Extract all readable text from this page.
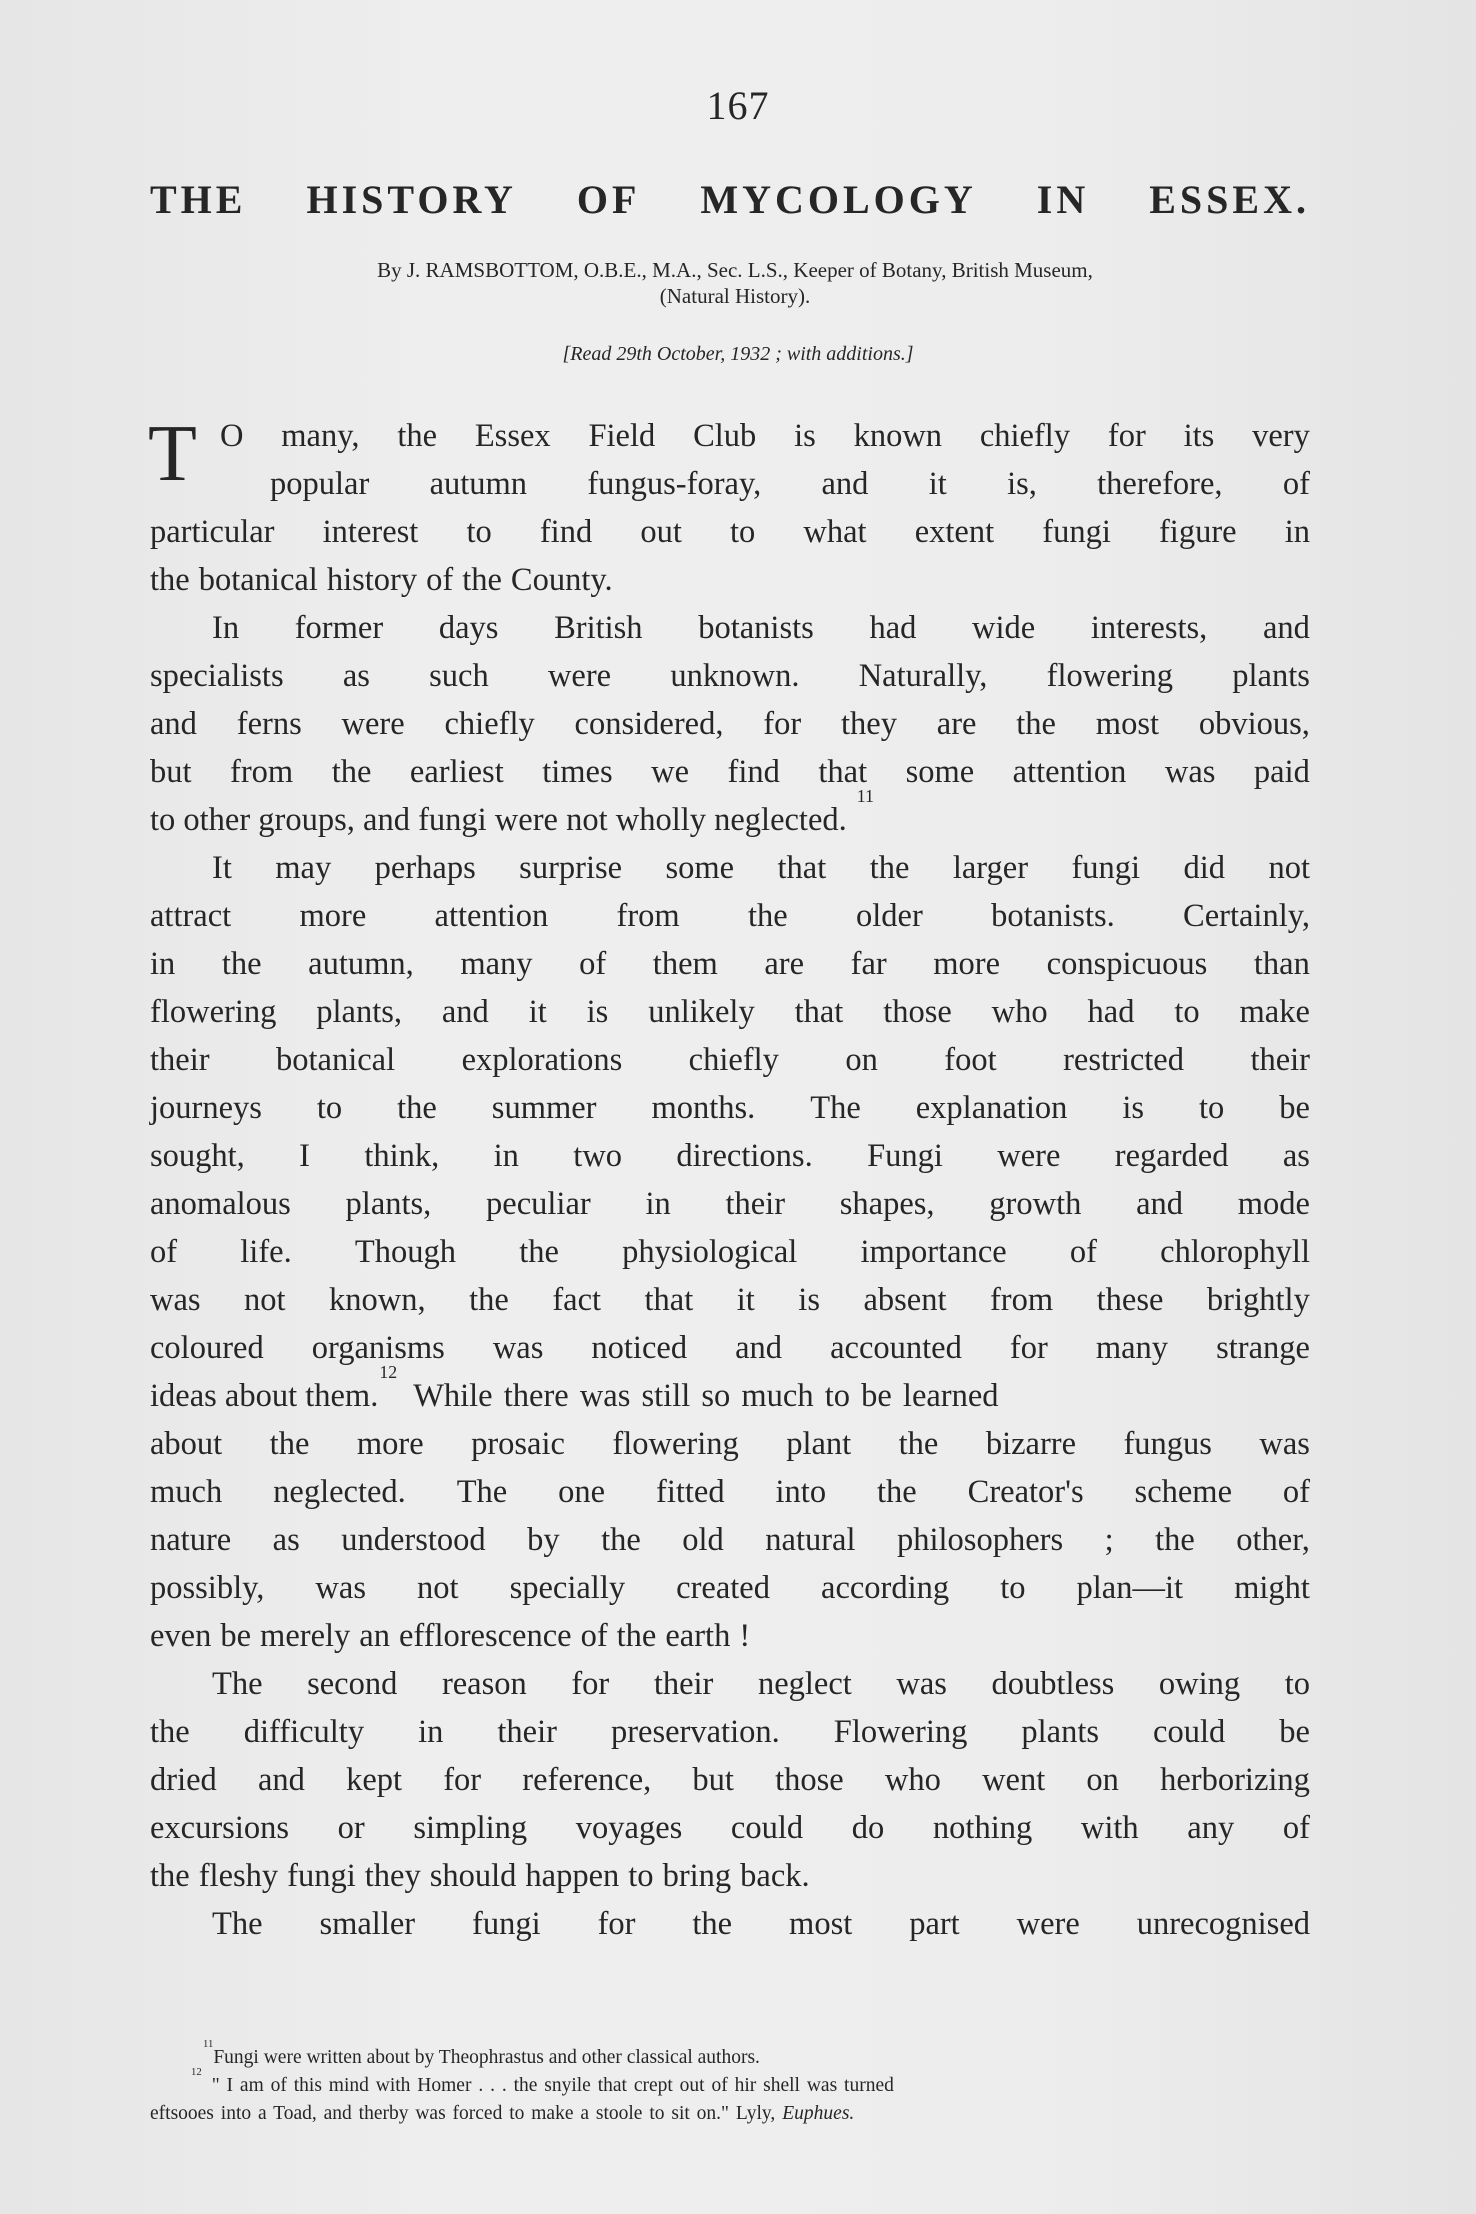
167
THE HISTORY OF MYCOLOGY IN ESSEX.
By J. RAMSBOTTOM, O.B.E., M.A., Sec. L.S., Keeper of Botany, British Museum,
(Natural History).
[Read 29th October, 1932 ; with additions.]
T O many, the Essex Field Club is known chiefly for its very
popular autumn fungus-foray, and it is, therefore, of
particular interest to find out to what extent fungi figure in
the botanical history of the County.
In former days British botanists had wide interests, and
specialists as such were unknown. Naturally, flowering plants
and ferns were chiefly considered, for they are the most obvious,
but from the earliest times we find that some attention was paid
to other groups, and fungi were not wholly neglected.
11
It may perhaps surprise some that the larger fungi did not
attract more attention from the older botanists. Certainly,
in the autumn, many of them are far more conspicuous than
flowering plants, and it is unlikely that those who had to make
their botanical explorations chiefly on foot restricted their
journeys to the summer months. The explanation is to be
sought, I think, in two directions. Fungi were regarded as
anomalous plants, peculiar in their shapes, growth and mode
of life. Though the physiological importance of chlorophyll
was not known, the fact that it is absent from these brightly
coloured organisms was noticed and accounted for many strange
ideas about them.
12
While there was still so much to be learned
about the more prosaic flowering plant the bizarre fungus was
much neglected. The one fitted into the Creator's scheme of
nature as understood by the old natural philosophers ; the other,
possibly, was not specially created according to plan—it might
even be merely an efflorescence of the earth !
The second reason for their neglect was doubtless owing to
the difficulty in their preservation. Flowering plants could be
dried and kept for reference, but those who went on herborizing
excursions or simpling voyages could do nothing with any of
the fleshy fungi they should happen to bring back.
The smaller fungi for the most part were unrecognised
11
Fungi were written about by Theophrastus and other classical authors.
12
" I am of this mind with Homer . . . the snyile that crept out of hir shell was turned
eftsooes into a Toad, and therby was forced to make a stoole to sit on." Lyly, Euphues.
